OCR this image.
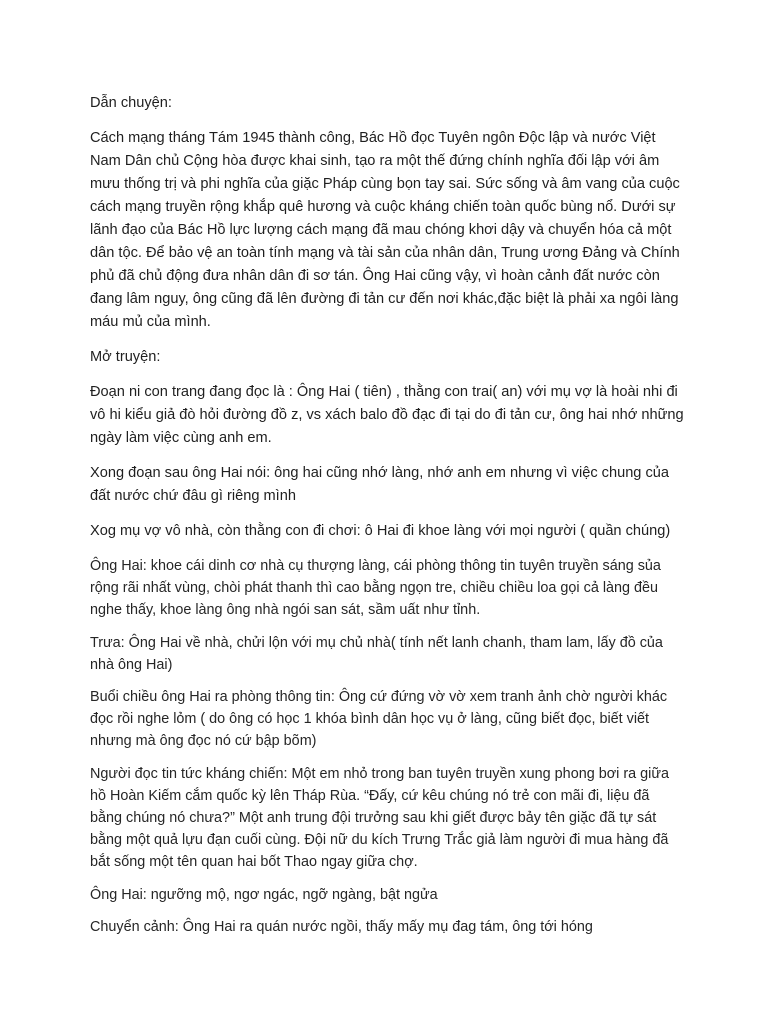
Dẫn chuyện:

Cách mạng tháng Tám 1945 thành công, Bác Hồ đọc Tuyên ngôn Độc lập và nước Việt Nam Dân chủ Cộng hòa được khai sinh, tạo ra một thế đứng chính nghĩa đối lập với âm mưu thống trị và phi nghĩa của giặc Pháp cùng bọn tay sai. Sức sống và âm vang của cuộc cách mạng truyền rộng khắp quê hương và cuộc kháng chiến toàn quốc bùng nổ. Dưới sự lãnh đạo của Bác Hồ lực lượng cách mạng đã mau chóng khơi dậy và chuyển hóa cả một dân tộc. Để bảo vệ an toàn tính mạng và tài sản của nhân dân, Trung ương Đảng và Chính phủ đã chủ động đưa nhân dân đi sơ tán. Ông Hai cũng vậy, vì hoàn cảnh đất nước còn đang lâm nguy, ông cũng đã lên đường đi tản cư đến nơi khác,đặc biệt là phải xa ngôi làng máu mủ của mình.

Mở truyện:

Đoạn ni con trang đang đọc là : Ông Hai ( tiên) , thằng con trai( an) với mụ vợ là hoài nhi đi vô hi kiểu giả đò hỏi đường đồ z, vs xách balo đồ đạc đi tại do đi tản cư, ông hai nhớ những ngày làm việc cùng anh em.

Xong đoạn sau ông Hai nói: ông hai cũng nhớ làng, nhớ anh em nhưng vì việc chung của đất nước chứ đâu gì riêng mình

Xog mụ vợ vô nhà, còn thằng con đi chơi: ô Hai đi khoe làng với mọi người ( quần chúng)

Ông Hai: khoe cái dinh cơ nhà cụ thượng làng, cái phòng thông tin tuyên truyền sáng sủa rộng rãi nhất vùng, chòi phát thanh thì cao bằng ngọn tre, chiều chiều loa gọi cả làng đều nghe thấy, khoe làng ông nhà ngói san sát, sầm uất như tỉnh.

Trưa: Ông Hai về nhà, chửi lộn với mụ chủ nhà( tính nết lanh chanh, tham lam, lấy đồ của nhà ông Hai)

Buổi chiều ông Hai ra phòng thông tin: Ông cứ đứng vờ vờ xem tranh ảnh chờ người khác đọc rồi nghe lỏm ( do ông có học 1 khóa bình dân học vụ ở làng, cũng biết đọc, biết viết nhưng mà ông đọc nó cứ bập bõm)

Người đọc tin tức kháng chiến: Một em nhỏ trong ban tuyên truyền xung phong bơi ra giữa hồ Hoàn Kiếm cắm quốc kỳ lên Tháp Rùa. “Đấy, cứ kêu chúng nó trẻ con mãi đi, liệu đã bằng chúng nó chưa?” Một anh trung đội trưởng sau khi giết được bảy tên giặc đã tự sát bằng một quả lựu đạn cuối cùng. Đội nữ du kích Trưng Trắc giả làm người đi mua hàng đã bắt sống một tên quan hai bốt Thao ngay giữa chợ.

Ông Hai: ngưỡng mộ, ngơ ngác, ngỡ ngàng, bật ngửa

Chuyển cảnh: Ông Hai ra quán nước ngồi, thấy mấy mụ đag tám, ông tới hóng
